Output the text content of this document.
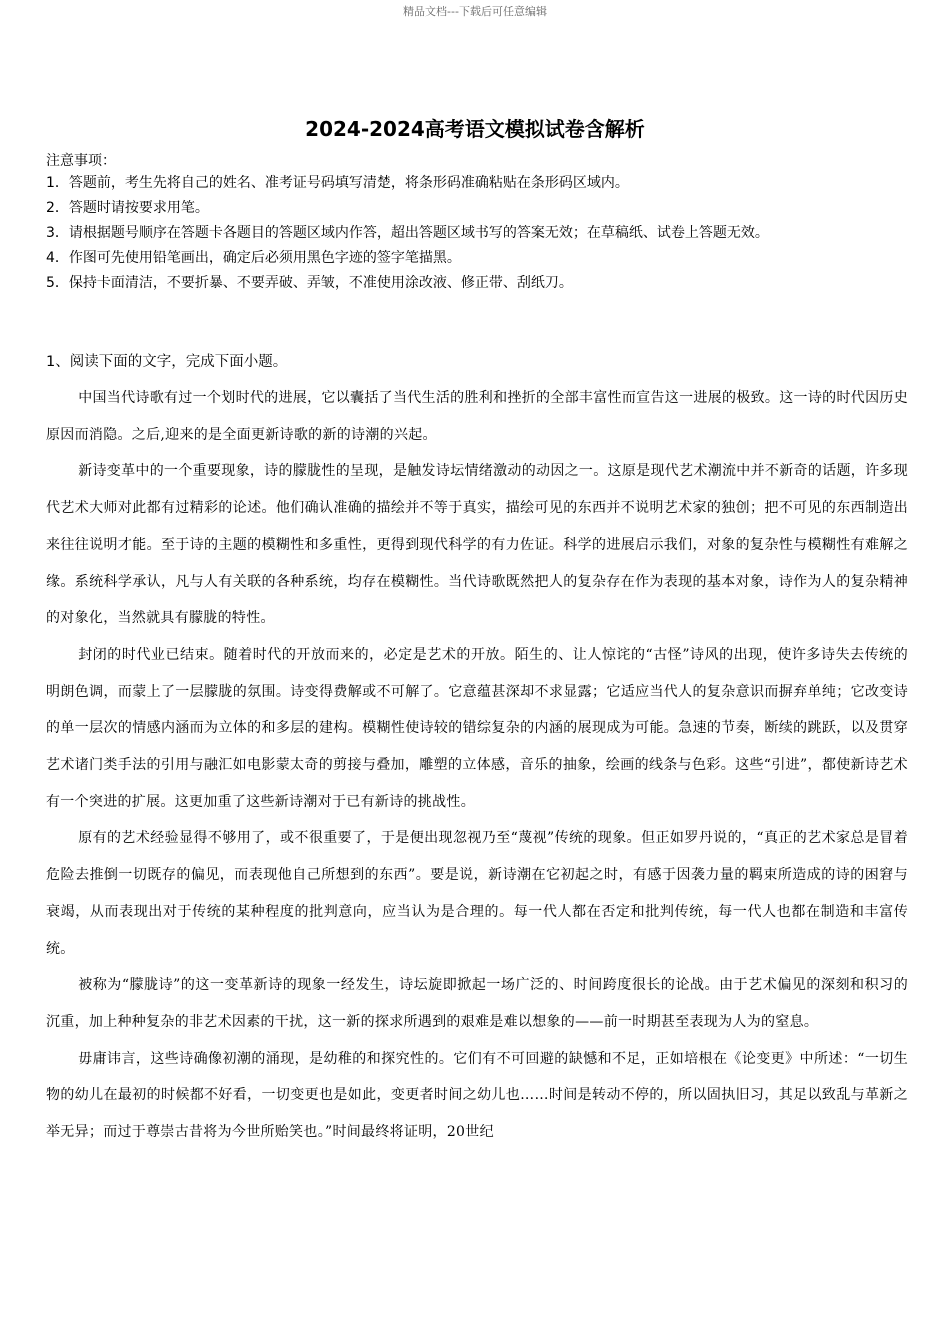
精品文档---下载后可任意编辑
2024-2024高考语文模拟试卷含解析
注意事项：
1．答题前，考生先将自己的姓名、准考证号码填写清楚，将条形码准确粘贴在条形码区域内。
2．答题时请按要求用笔。
3．请根据题号顺序在答题卡各题目的答题区域内作答，超出答题区域书写的答案无效；在草稿纸、试卷上答题无效。
4．作图可先使用铅笔画出，确定后必须用黑色字迹的签字笔描黑。
5．保持卡面清洁，不要折暴、不要弄破、弄皱，不准使用涂改液、修正带、刮纸刀。
1、阅读下面的文字，完成下面小题。

中国当代诗歌有过一个划时代的进展，它以囊括了当代生活的胜利和挫折的全部丰富性而宣告这一进展的极致。这一诗的时代因历史原因而消隐。之后,迎来的是全面更新诗歌的新的诗潮的兴起。

新诗变革中的一个重要现象，诗的朦胧性的呈现，是触发诗坛情绪激动的动因之一。这原是现代艺术潮流中并不新奇的话题，许多现代艺术大师对此都有过精彩的论述。他们确认准确的描绘并不等于真实，描绘可见的东西并不说明艺术家的独创；把不可见的东西制造出来往往说明才能。至于诗的主题的模糊性和多重性，更得到现代科学的有力佐证。科学的进展启示我们，对象的复杂性与模糊性有难解之缘。系统科学承认，凡与人有关联的各种系统，均存在模糊性。当代诗歌既然把人的复杂存在作为表现的基本对象，诗作为人的复杂精神的对象化，当然就具有朦胧的特性。

封闭的时代业已结束。随着时代的开放而来的，必定是艺术的开放。陌生的、让人惊诧的“古怪”诗风的出现，使许多诗失去传统的明朗色调，而蒙上了一层朦胧的氛围。诗变得费解或不可解了。它意蕴甚深却不求显露；它适应当代人的复杂意识而摒弃单纯；它改变诗的单一层次的情感内涵而为立体的和多层的建构。模糊性使诗较的错综复杂的内涵的展现成为可能。急速的节奏，断续的跳跃，以及贯穿艺术诸门类手法的引用与融汇如电影蒙太奇的剪接与叠加，雕塑的立体感，音乐的抽象，绘画的线条与色彩。这些“引进”，都使新诗艺术有一个突进的扩展。这更加重了这些新诗潮对于已有新诗的挑战性。

原有的艺术经验显得不够用了，或不很重要了，于是便出现忽视乃至“蔑视”传统的现象。但正如罗丹说的，“真正的艺术家总是冒着危险去推倒一切既存的偏见，而表现他自己所想到的东西”。要是说，新诗潮在它初起之时，有感于因袭力量的羁束所造成的诗的困窘与衰竭，从而表现出对于传统的某种程度的批判意向，应当认为是合理的。每一代人都在否定和批判传统，每一代人也都在制造和丰富传统。

被称为“朦胧诗”的这一变革新诗的现象一经发生，诗坛旋即掀起一场广泛的、时间跨度很长的论战。由于艺术偏见的深刻和积习的沉重，加上种种复杂的非艺术因素的干扰，这一新的探求所遇到的艰难是难以想象的——前一时期甚至表现为人为的窒息。

毋庸讳言，这些诗确像初潮的涌现，是幼稚的和探究性的。它们有不可回避的缺憾和不足，正如培根在《论变更》中所述：“一切生物的幼儿在最初的时候都不好看，一切变更也是如此，变更者时间之幼儿也……时间是转动不停的，所以固执旧习，其足以致乱与革新之举无异；而过于尊崇古昔将为今世所贻笑也。”时间最终将证明，20世纪
